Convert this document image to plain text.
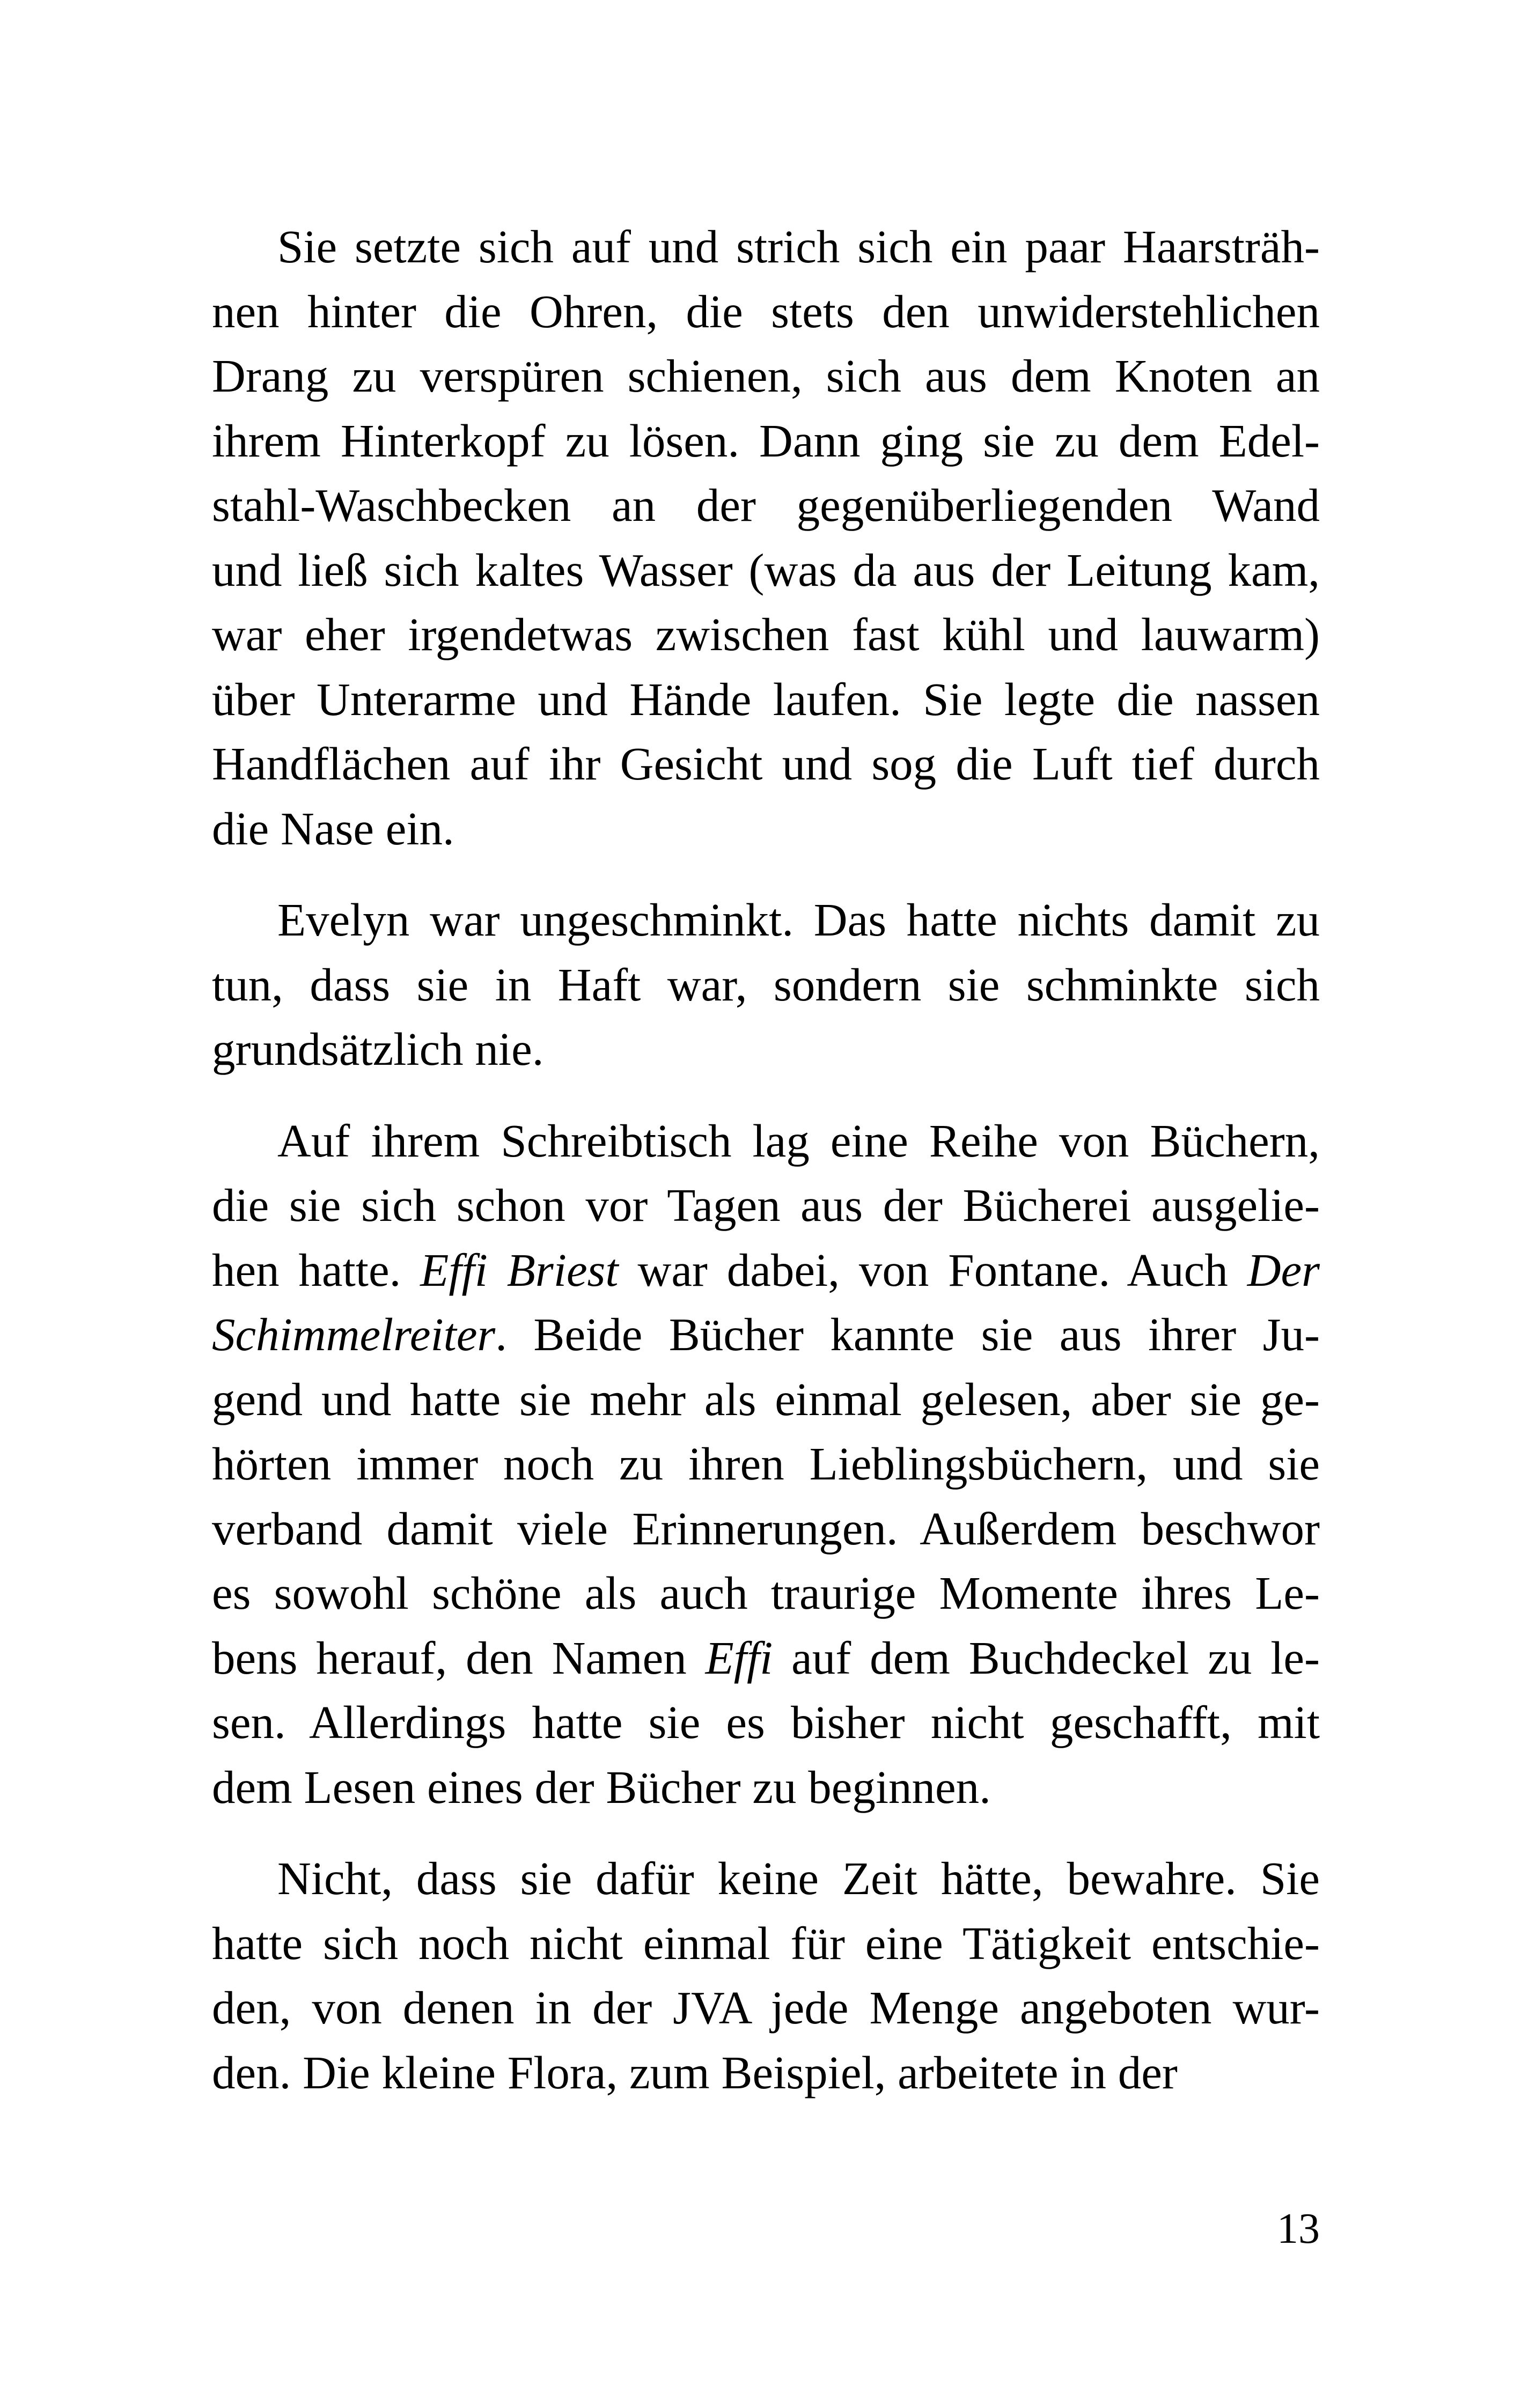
Sie setzte sich auf und strich sich ein paar Haarsträh-
nen hinter die Ohren, die stets den unwiderstehlichen
Drang zu verspüren schienen, sich aus dem Knoten an
ihrem Hinterkopf zu lösen. Dann ging sie zu dem Edel-
stahl-Waschbecken an der gegenüberliegenden Wand
und ließ sich kaltes Wasser (was da aus der Leitung kam,
war eher irgendetwas zwischen fast kühl und lauwarm)
über Unterarme und Hände laufen. Sie legte die nassen
Handflächen auf ihr Gesicht und sog die Luft tief durch
die Nase ein.
Evelyn war ungeschminkt. Das hatte nichts damit zu
tun, dass sie in Haft war, sondern sie schminkte sich
grundsätzlich nie.
Auf ihrem Schreibtisch lag eine Reihe von Büchern,
die sie sich schon vor Tagen aus der Bücherei ausgelie-
hen hatte. Effi Briest war dabei, von Fontane. Auch Der
Schimmelreiter. Beide Bücher kannte sie aus ihrer Ju-
gend und hatte sie mehr als einmal gelesen, aber sie ge-
hörten immer noch zu ihren Lieblingsbüchern, und sie
verband damit viele Erinnerungen. Außerdem beschwor
es sowohl schöne als auch traurige Momente ihres Le-
bens herauf, den Namen Effi auf dem Buchdeckel zu le-
sen. Allerdings hatte sie es bisher nicht geschafft, mit
dem Lesen eines der Bücher zu beginnen.
Nicht, dass sie dafür keine Zeit hätte, bewahre. Sie
hatte sich noch nicht einmal für eine Tätigkeit entschie-
den, von denen in der JVA jede Menge angeboten wur-
den. Die kleine Flora, zum Beispiel, arbeitete in der
13
